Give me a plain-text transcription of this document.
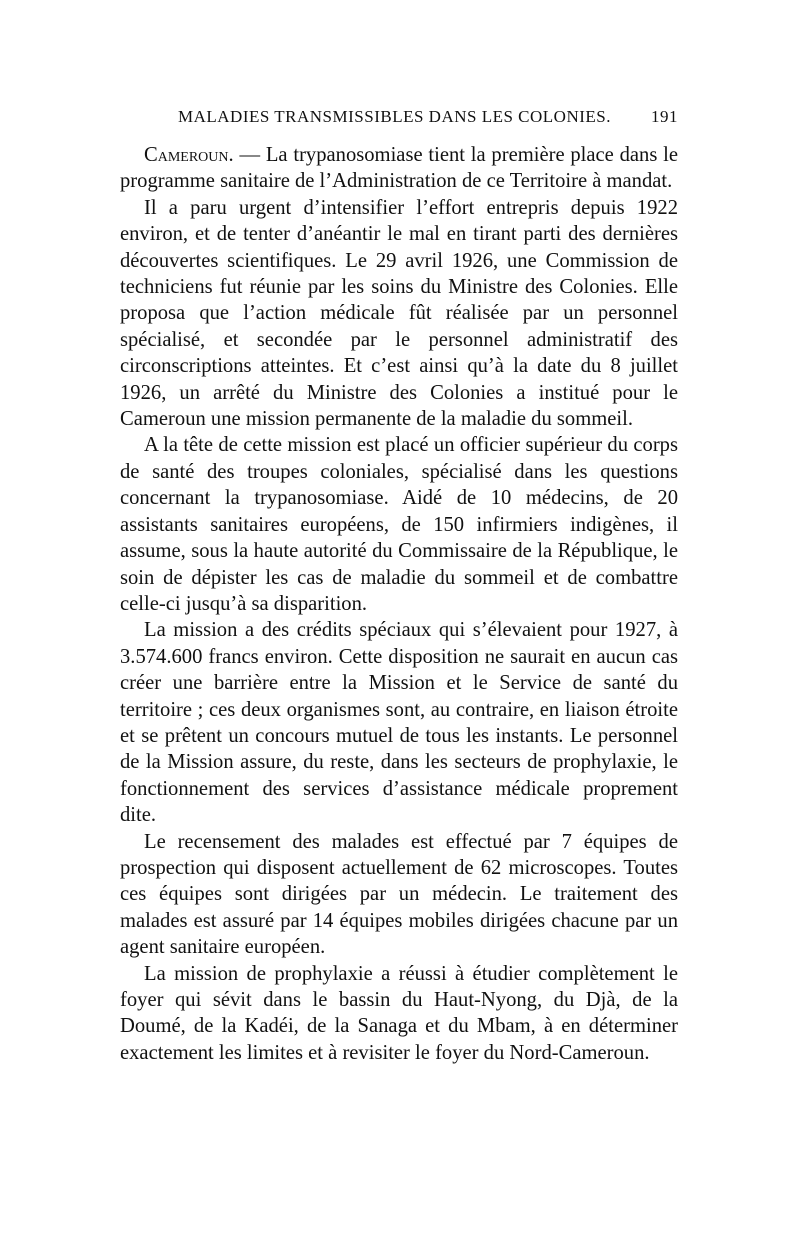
MALADIES TRANSMISSIBLES DANS LES COLONIES. 191

Cameroun. — La trypanosomiase tient la première place dans le programme sanitaire de l’Administration de ce Territoire à mandat.

Il a paru urgent d’intensifier l’effort entrepris depuis 1922 environ, et de tenter d’anéantir le mal en tirant parti des dernières découvertes scientifiques. Le 29 avril 1926, une Commission de techniciens fut réunie par les soins du Ministre des Colonies. Elle proposa que l’action médicale fût réalisée par un personnel spécialisé, et secondée par le personnel administratif des circonscriptions atteintes. Et c’est ainsi qu’à la date du 8 juillet 1926, un arrêté du Ministre des Colonies a institué pour le Cameroun une mission permanente de la maladie du sommeil.

A la tête de cette mission est placé un officier supérieur du corps de santé des troupes coloniales, spécialisé dans les questions concernant la trypanosomiase. Aidé de 10 médecins, de 20 assistants sanitaires européens, de 150 infirmiers indigènes, il assume, sous la haute autorité du Commissaire de la République, le soin de dépister les cas de maladie du sommeil et de combattre celle-ci jusqu’à sa disparition.

La mission a des crédits spéciaux qui s’élevaient pour 1927, à 3.574.600 francs environ. Cette disposition ne saurait en aucun cas créer une barrière entre la Mission et le Service de santé du territoire ; ces deux organismes sont, au contraire, en liaison étroite et se prêtent un concours mutuel de tous les instants. Le personnel de la Mission assure, du reste, dans les secteurs de prophylaxie, le fonctionnement des services d’assistance médicale proprement dite.

Le recensement des malades est effectué par 7 équipes de prospection qui disposent actuellement de 62 microscopes. Toutes ces équipes sont dirigées par un médecin. Le traitement des malades est assuré par 14 équipes mobiles dirigées chacune par un agent sanitaire européen.

La mission de prophylaxie a réussi à étudier complètement le foyer qui sévit dans le bassin du Haut-Nyong, du Djà, de la Doumé, de la Kadéi, de la Sanaga et du Mbam, à en déterminer exactement les limites et à revisiter le foyer du Nord-Cameroun.
